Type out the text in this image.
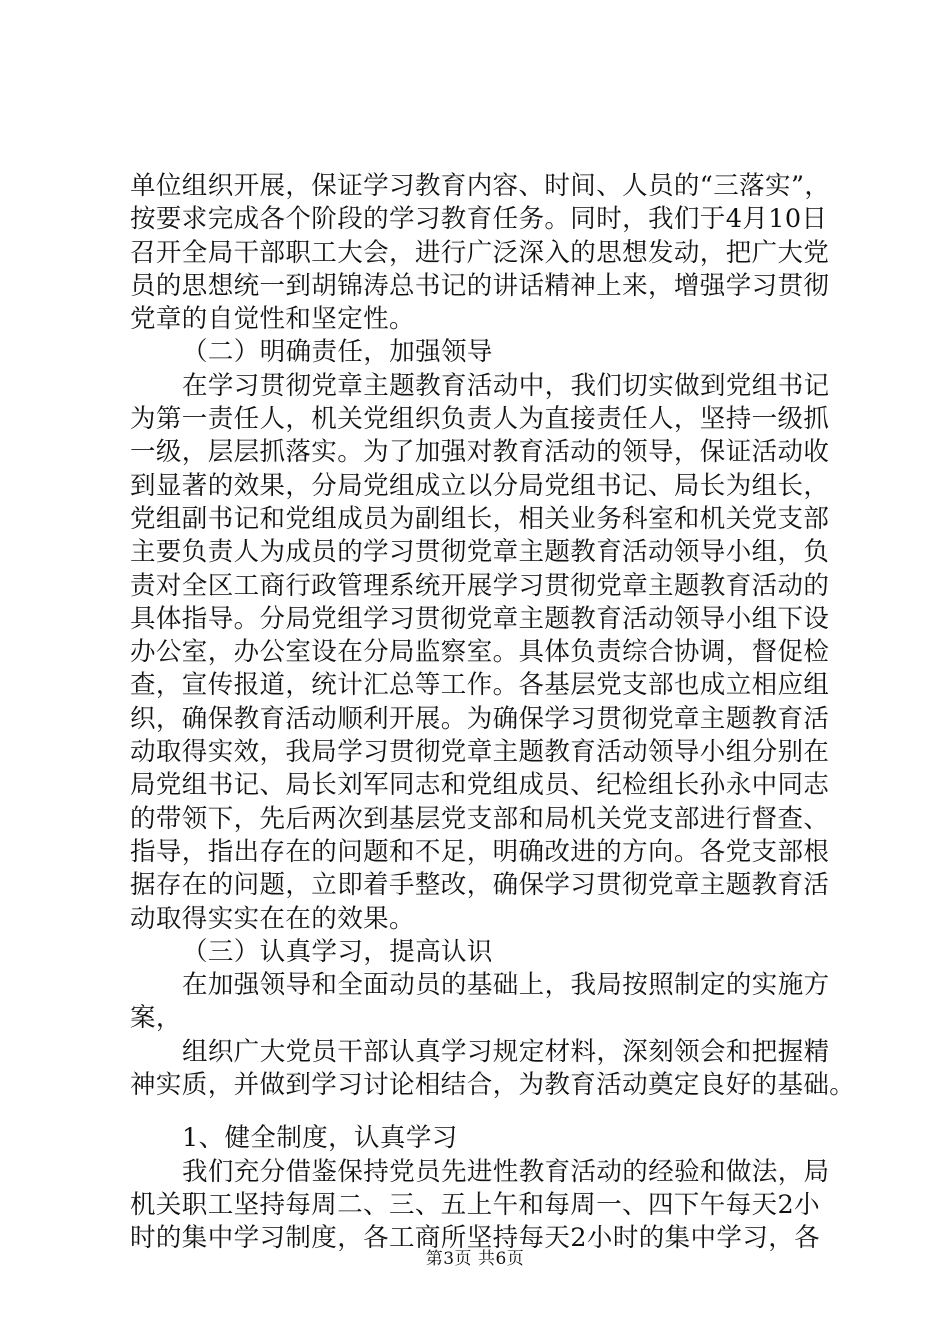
单位组织开展，保证学习教育内容、时间、人员的“三落实”，
按要求完成各个阶段的学习教育任务。同时，我们于4月10日
召开全局干部职工大会，进行广泛深入的思想发动，把广大党
员的思想统一到胡锦涛总书记的讲话精神上来，增强学习贯彻
党章的自觉性和坚定性。
（二）明确责任，加强领导
在学习贯彻党章主题教育活动中，我们切实做到党组书记
为第一责任人，机关党组织负责人为直接责任人，坚持一级抓
一级，层层抓落实。为了加强对教育活动的领导，保证活动收
到显著的效果，分局党组成立以分局党组书记、局长为组长，
党组副书记和党组成员为副组长，相关业务科室和机关党支部
主要负责人为成员的学习贯彻党章主题教育活动领导小组，负
责对全区工商行政管理系统开展学习贯彻党章主题教育活动的
具体指导。分局党组学习贯彻党章主题教育活动领导小组下设
办公室，办公室设在分局监察室。具体负责综合协调，督促检
查，宣传报道，统计汇总等工作。各基层党支部也成立相应组
织，确保教育活动顺利开展。为确保学习贯彻党章主题教育活
动取得实效，我局学习贯彻党章主题教育活动领导小组分别在
局党组书记、局长刘军同志和党组成员、纪检组长孙永中同志
的带领下，先后两次到基层党支部和局机关党支部进行督查、
指导，指出存在的问题和不足，明确改进的方向。各党支部根
据存在的问题，立即着手整改，确保学习贯彻党章主题教育活
动取得实实在在的效果。
（三）认真学习，提高认识
在加强领导和全面动员的基础上，我局按照制定的实施方
案，
组织广大党员干部认真学习规定材料，深刻领会和把握精
神实质，并做到学习讨论相结合，为教育活动奠定良好的基础。
1、健全制度，认真学习
我们充分借鉴保持党员先进性教育活动的经验和做法，局
机关职工坚持每周二、三、五上午和每周一、四下午每天2小
时的集中学习制度，各工商所坚持每天2小时的集中学习，各
第3页 共6页
